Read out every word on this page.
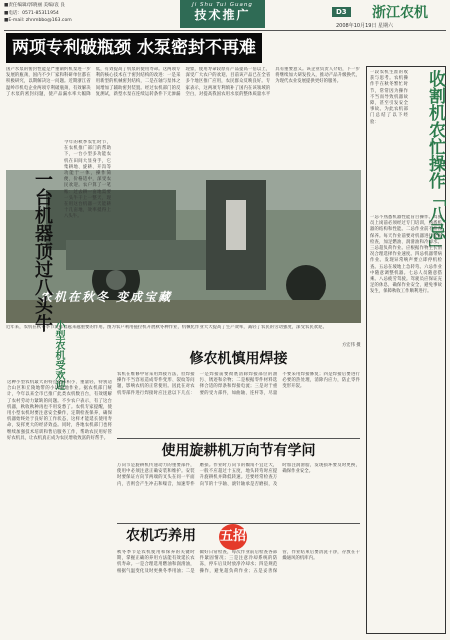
■责任编辑/郭晓丽 美编/袁 良
■电话：0571-85311954
■E-mail: zhnmbbo@163.com
Ji Shu Tui Guang
技术推广	D3 浙江农机
2008年10月19日 星期六
两项专利破瓶颈 水泵密封不再难
国产水泵的密封性能是严重制约机泵进一步发展的瓶颈，国内不少厂家和科研单位都在积极研究，以期解决这一问题。近期浙江省温岭市机电企业两项专利破瓶颈，有效解决了水泵的密封问题，使产品漏水率大幅降低，有效提高了机泵的使用寿命。这两项专利的核心技术在于密封结构的改进：一是采用新型的机械密封结构，二是在轴与泵体之间增加了辅助密封装置。经过农机部门的反复测试，新型水泵在连续运转条件下无渗漏现象，使用寿命较原有产品提高一倍以上，深受广大农户的欢迎。目前该产品已在全省多个地区推广应用，农民群众反映良好。专家表示，这两项专利填补了国内在该领域的空白，对提高我国农用水泵的整体质量水平具有重要意义。该企业负责人介绍，下一步将继续加大研发投入，推动产品升级换代，为现代农业发展提供更好的服务。
农机在秋冬 变成宝藏
近年来，农机在秋冬季节发挥着越来越重要的作用。图为农户利用拖拉机开展秋冬种作业，机械化作业大大提高了生产效率，减轻了农民的劳动强度，深受农民欢迎。
方宏伟 摄
一台机器顶过八头牛
小型农机受欢迎
今年的秋季农忙时节，在农机推广部门的帮助下，一台小型多功能农机在田间大显身手，它集耕地、旋耕、开沟等功能于一体，操作简便，价格适中，深受农民欢迎。农户算了一笔账：过去耕一亩地需要一头牛干上一整天，现在用这台机器一天能耕十几亩地，效率抵得上八头牛。
这种小型农机最大的特点是体积小、重量轻，特别适合山区和丘陵地带的小块田地作业。据农机部门统计，今年以来全市已推广此类农机数百台，有效缓解了农村劳动力紧缺的问题。不少农户表示，有了这台机器，秋收秋种再也不用发愁了。农机专家提醒，使用小型农机时要注意安全操作，定期检查保养，确保机器始终处于良好的工作状态，这样才能延长使用寿命，发挥更大的经济效益。同时，各地农机部门也将继续加强技术培训和售后服务工作，帮助农民用好管好农机具，让农机真正成为农民增收致富的好帮手。
修农机慎用焊接
农机在维修中常采用焊接方法，但焊接操作不当容易造成零件变形、裂纹等问题，影响农机的正常使用。因此在对农机零部件进行焊接时应注意以下几点：一是焊接前要彻底清除焊接部位的油污、锈迹和杂物；二是根据零件材料选择合适的焊条和焊接电流；三是对于重要的受力部件，如曲轴、连杆等，尽量不要采用焊接修复；四是焊接后要进行必要的热处理，消除内应力，防止零件变形开裂。
使用旋耕机万向节有学问
万向节是旋耕机传递动力的重要部件，使用中必须注意正确安装和维护。安装时要保证方向节两端的叉头在同一平面内，否则会产生冲击和噪音，加速零件磨损。作业时万向节的倾角不宜过大，一般不应超过十五度，地头转弯时应提升旋耕机并降低转速。还要经常检查万向节的十字轴、滚针轴承是否磨损，及时加注润滑脂，发现损坏要及时更换，确保作业安全。
农机巧养用 五招
秋冬季节是农机使用和保养的关键时期，掌握正确的养用方法能有效延长农机寿命。一是合理选用燃油和润滑油，根据气温变化及时更换冬季用油；二是做好日常检查，每次作业前后检查各部件紧固情况；三是注意冷却系统的防冻，停车后及时放净冷却水；四是规范操作，避免超负荷作业；五是妥善保管，作业结束后要清洗干净，存放在干燥通风的机库内。
一段农机生涯的收获与思考。农机操作手在秋冬繁忙时节，常常因为操作不当而导致机器故障，甚至引发安全事故。为此农机部门总结了以下经验：	收割机农忙操作「八忌」
一忌不熟悉机器性能盲目操作。驾驶员上岗前必须经过专门培训，熟悉机器的结构和性能。二忌作业前不检查保养。每天作业前要对机器进行全面检查，加足燃油、润滑油和冷却水。三忌超负荷作业。应根据作物生长情况合理选择作业速度。四忌机器带病作业。发现异常响声要立即停机检查。五忌在坡地上急转弯。六忌作业中随意调整机器。七忌人员随意搭乘。八忌疲劳驾驶。驾驶员应保证充足的休息，确保作业安全，避免事故发生，保障秋收工作顺利进行。
